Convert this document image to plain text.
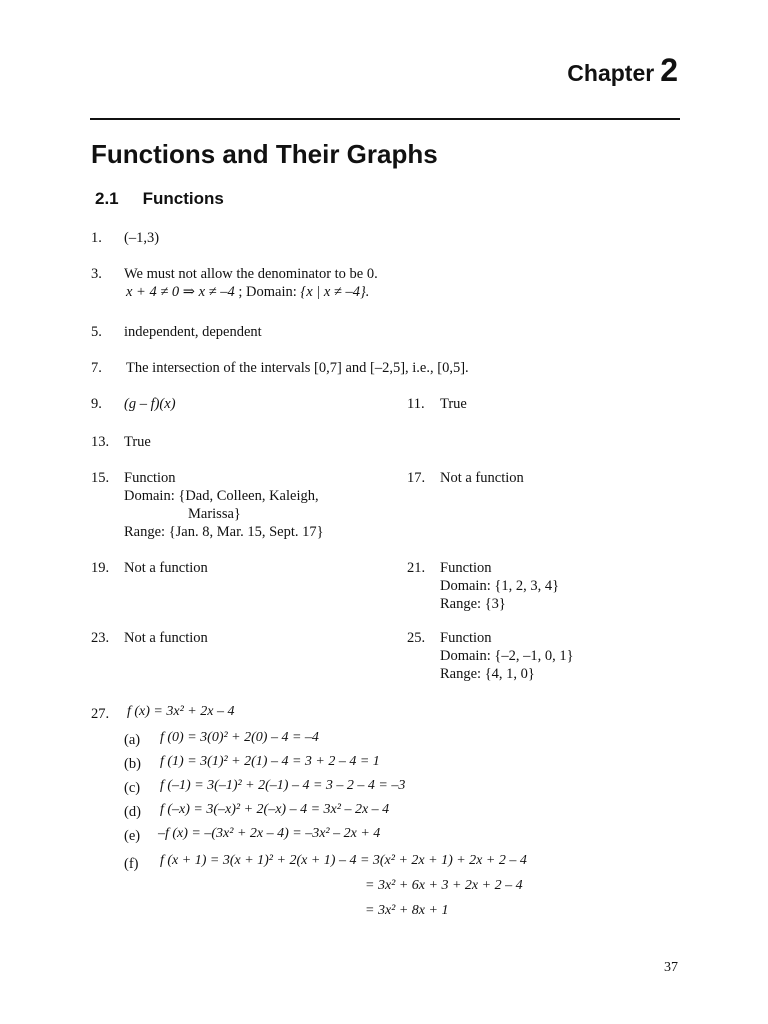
Chapter 2
Functions and Their Graphs
2.1 Functions
1. (–1,3)
3. We must not allow the denominator to be 0.
x + 4 ≠ 0 ⇒ x ≠ –4 ; Domain: {x | x ≠ –4}.
5. independent, dependent
7. The intersection of the intervals [0,7] and [–2,5], i.e., [0,5].
9. (g – f)(x)	11. True
13. True
15. Function
Domain: {Dad, Colleen, Kaleigh,
Marissa}
Range: {Jan. 8, Mar. 15, Sept. 17}
17. Not a function
19. Not a function	21. Function
Domain: {1, 2, 3, 4}
Range: {3}
23. Not a function	25. Function
Domain: {–2, –1, 0, 1}
Range: {4, 1, 0}
27. f (x) = 3x² + 2x – 4
(a) f (0) = 3(0)² + 2(0) – 4 = –4
(b) f (1) = 3(1)² + 2(1) – 4 = 3 + 2 – 4 = 1
(c) f (–1) = 3(–1)² + 2(–1) – 4 = 3 – 2 – 4 = –3
(d) f (–x) = 3(–x)² + 2(–x) – 4 = 3x² – 2x – 4
(e) –f (x) = –(3x² + 2x – 4) = –3x² – 2x + 4
(f) f (x + 1) = 3(x + 1)² + 2(x + 1) – 4 = 3(x² + 2x + 1) + 2x + 2 – 4
= 3x² + 6x + 3 + 2x + 2 – 4
= 3x² + 8x + 1
37
